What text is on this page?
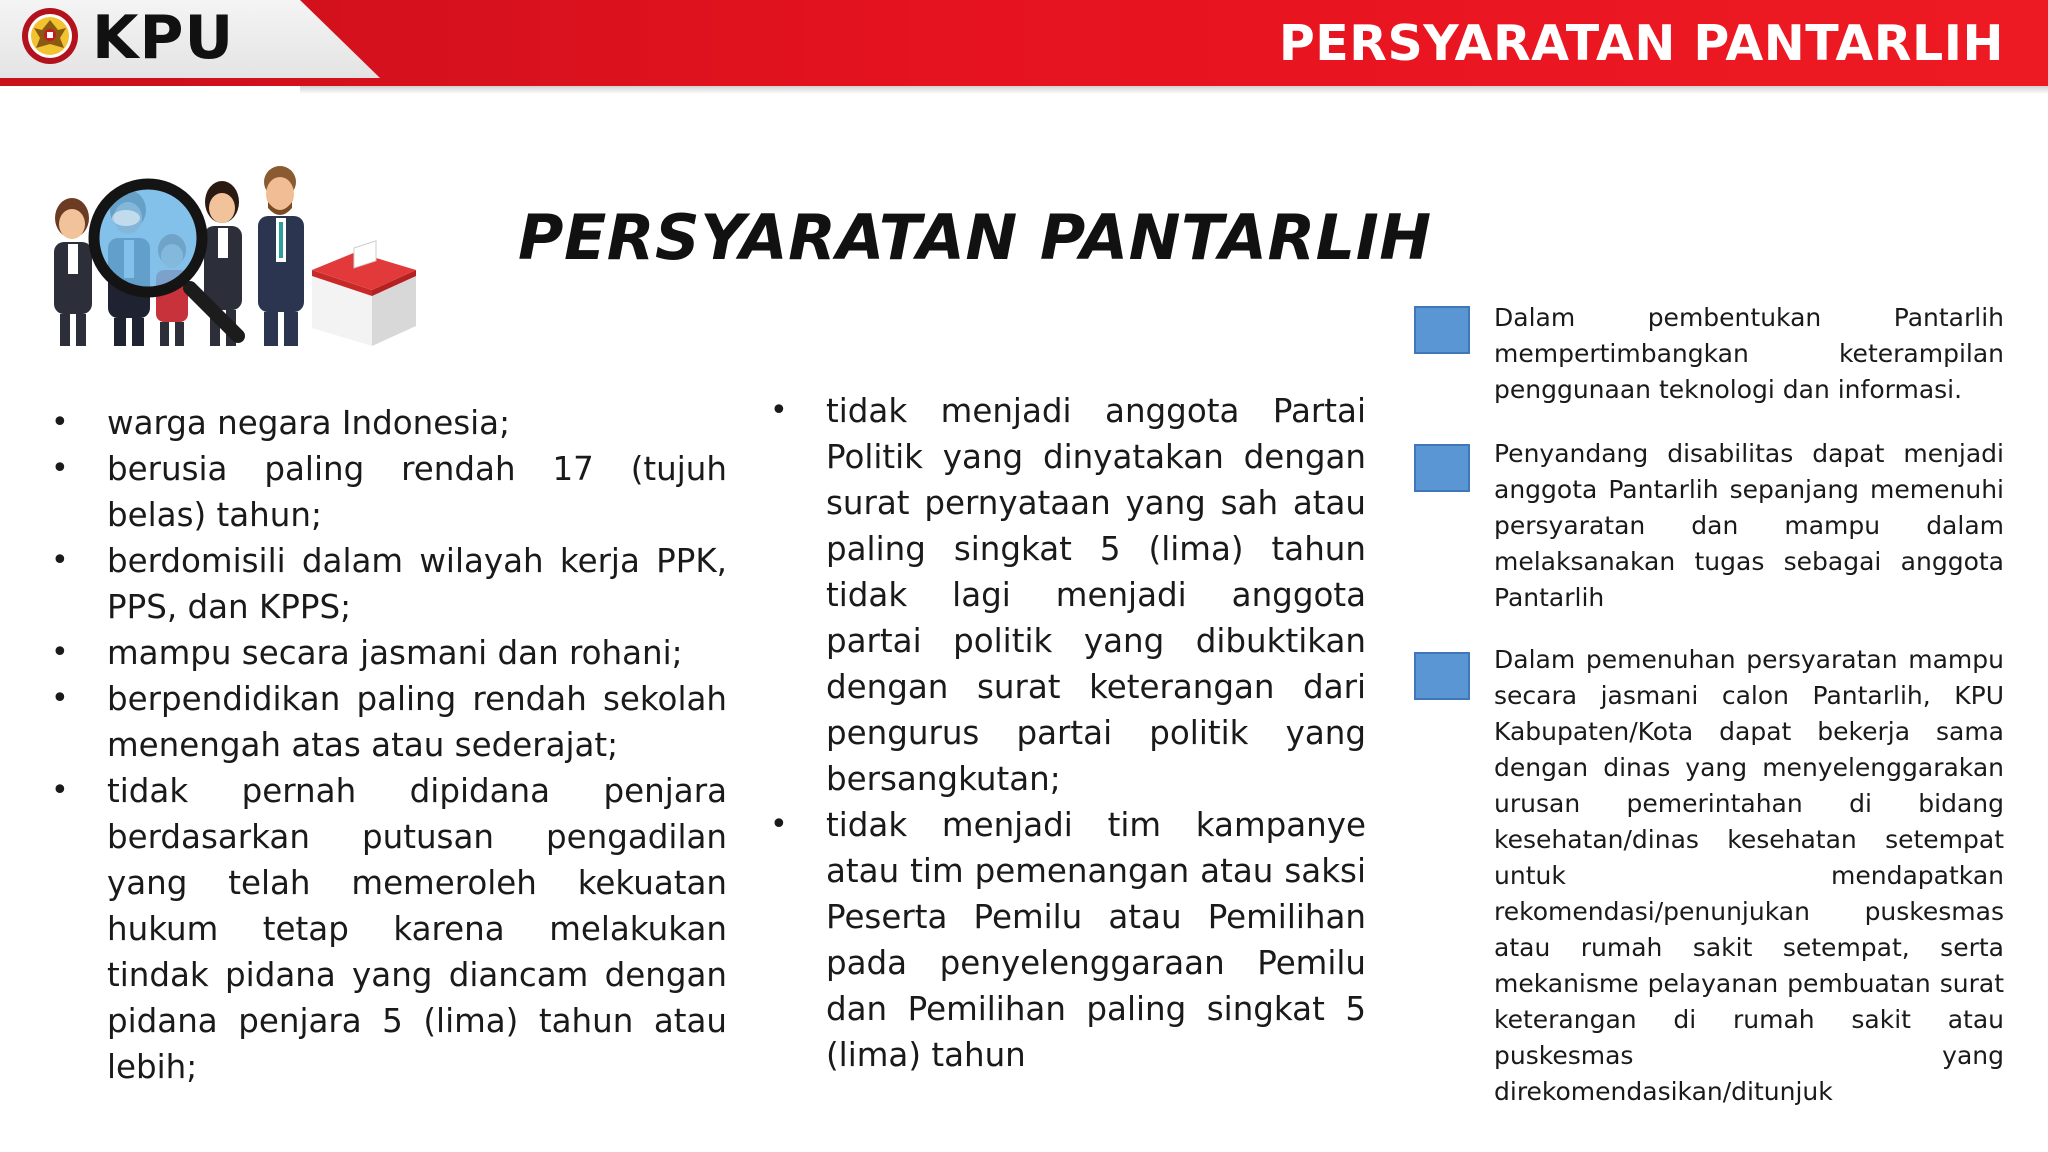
KPU	PERSYARATAN PANTARLIH
PERSYARATAN PANTARLIH
• warga negara Indonesia;
• berusia paling rendah 17 (tujuh belas) tahun;
• berdomisili dalam wilayah kerja PPK, PPS, dan KPPS;
• mampu secara jasmani dan rohani;
• berpendidikan paling rendah sekolah menengah atas atau sederajat;
• tidak pernah dipidana penjara berdasarkan putusan pengadilan yang telah memeroleh kekuatan hukum tetap karena melakukan tindak pidana yang diancam dengan pidana penjara 5 (lima) tahun atau lebih;
• tidak menjadi anggota Partai Politik yang dinyatakan dengan surat pernyataan yang sah atau paling singkat 5 (lima) tahun tidak lagi menjadi anggota partai politik yang dibuktikan dengan surat keterangan dari pengurus partai politik yang bersangkutan;
• tidak menjadi tim kampanye atau tim pemenangan atau saksi Peserta Pemilu atau Pemilihan pada penyelenggaraan Pemilu dan Pemilihan paling singkat 5 (lima) tahun

Dalam pembentukan Pantarlih mempertimbangkan keterampilan penggunaan teknologi dan informasi.

Penyandang disabilitas dapat menjadi anggota Pantarlih sepanjang memenuhi persyaratan dan mampu dalam melaksanakan tugas sebagai anggota Pantarlih

Dalam pemenuhan persyaratan mampu secara jasmani calon Pantarlih, KPU Kabupaten/Kota dapat bekerja sama dengan dinas yang menyelenggarakan urusan pemerintahan di bidang kesehatan/dinas kesehatan setempat untuk mendapatkan rekomendasi/penunjukan puskesmas atau rumah sakit setempat, serta mekanisme pelayanan pembuatan surat keterangan di rumah sakit atau puskesmas yang direkomendasikan/ditunjuk
